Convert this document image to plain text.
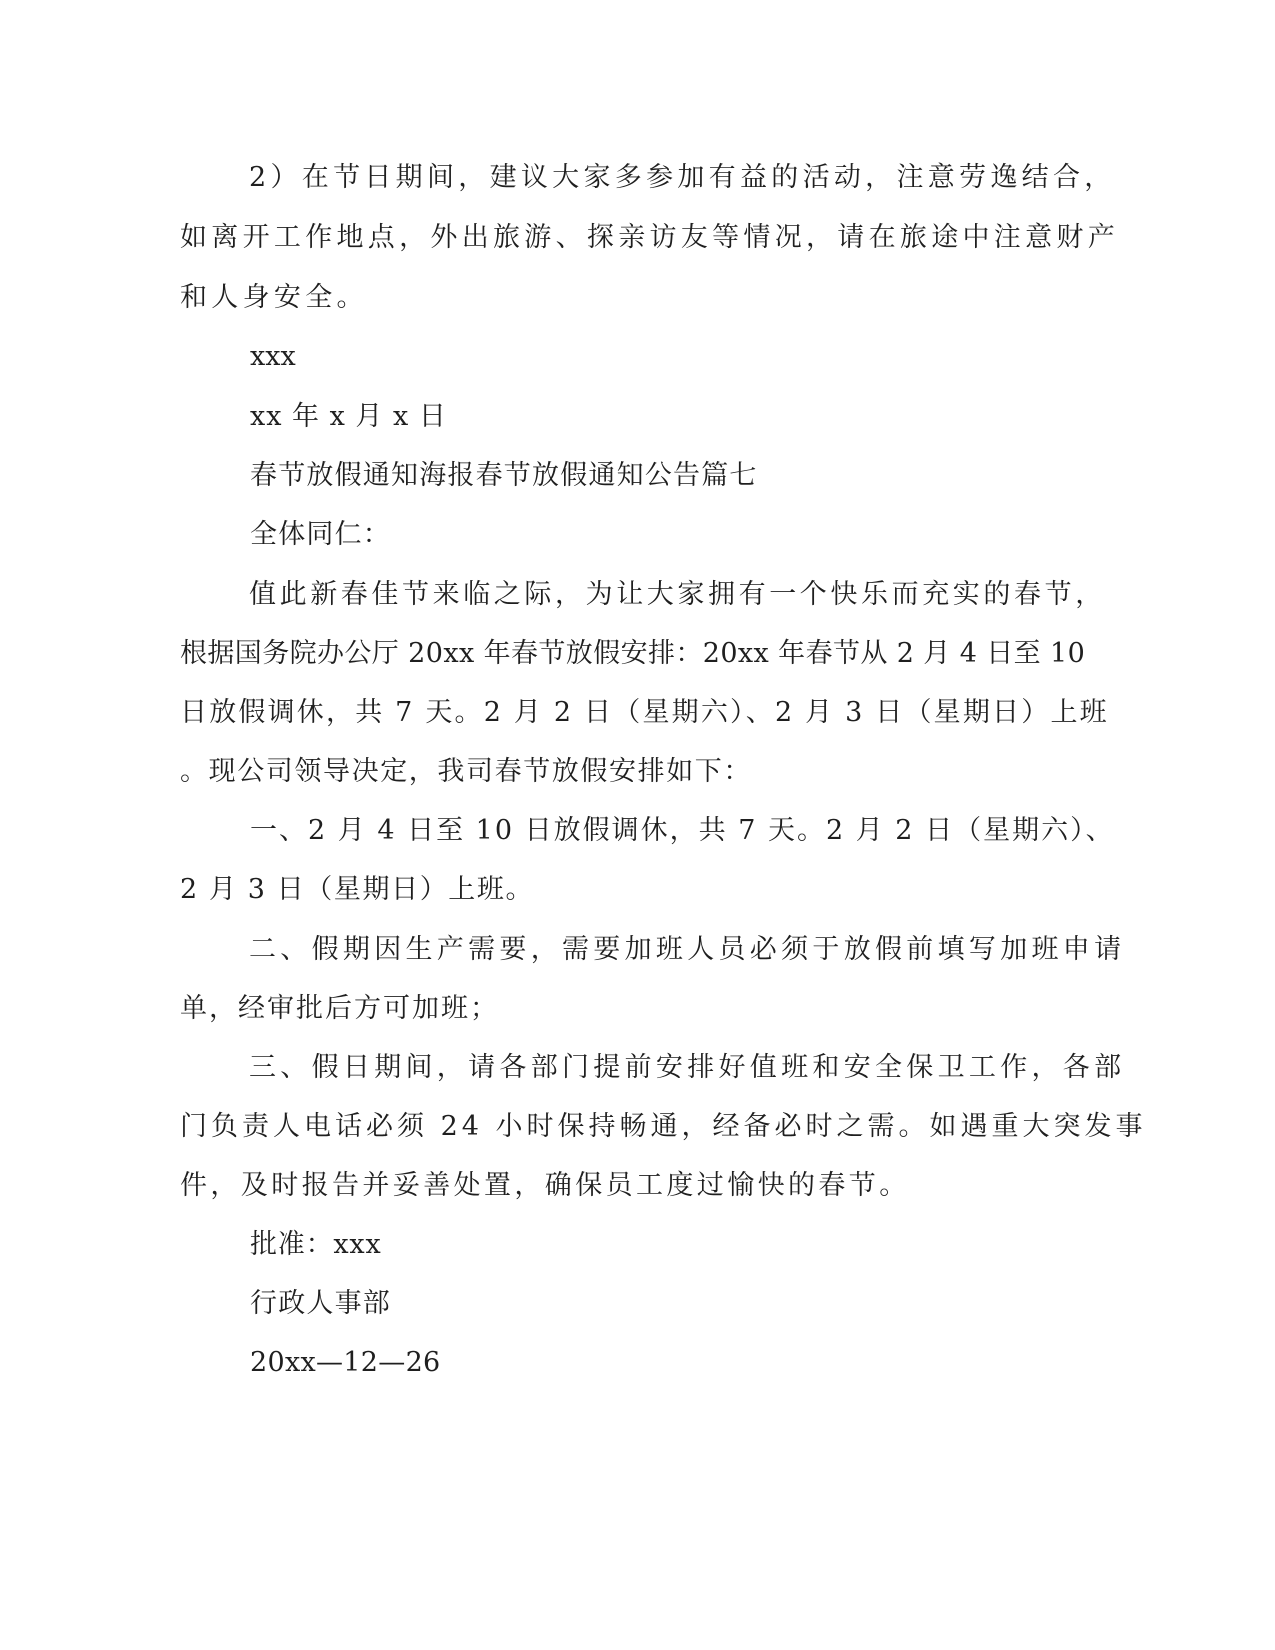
2）在节日期间，建议大家多参加有益的活动，注意劳逸结合，

如离开工作地点，外出旅游、探亲访友等情况，请在旅途中注意财产

和人身安全。

xxx

xx 年 x 月 x 日

春节放假通知海报春节放假通知公告篇七

全体同仁：

值此新春佳节来临之际，为让大家拥有一个快乐而充实的春节，

根据国务院办公厅 20xx 年春节放假安排：20xx 年春节从 2 月 4 日至 10

日放假调休，共 7 天。2 月 2 日（星期六）、2 月 3 日（星期日）上班

。现公司领导决定，我司春节放假安排如下：

一、2 月 4 日至 10 日放假调休，共 7 天。2 月 2 日（星期六）、

2 月 3 日（星期日）上班。

二、假期因生产需要，需要加班人员必须于放假前填写加班申请

单，经审批后方可加班；

三、假日期间，请各部门提前安排好值班和安全保卫工作，各部

门负责人电话必须 24 小时保持畅通，经备必时之需。如遇重大突发事

件，及时报告并妥善处置，确保员工度过愉快的春节。

批准：xxx

行政人事部

20xx—12—26
